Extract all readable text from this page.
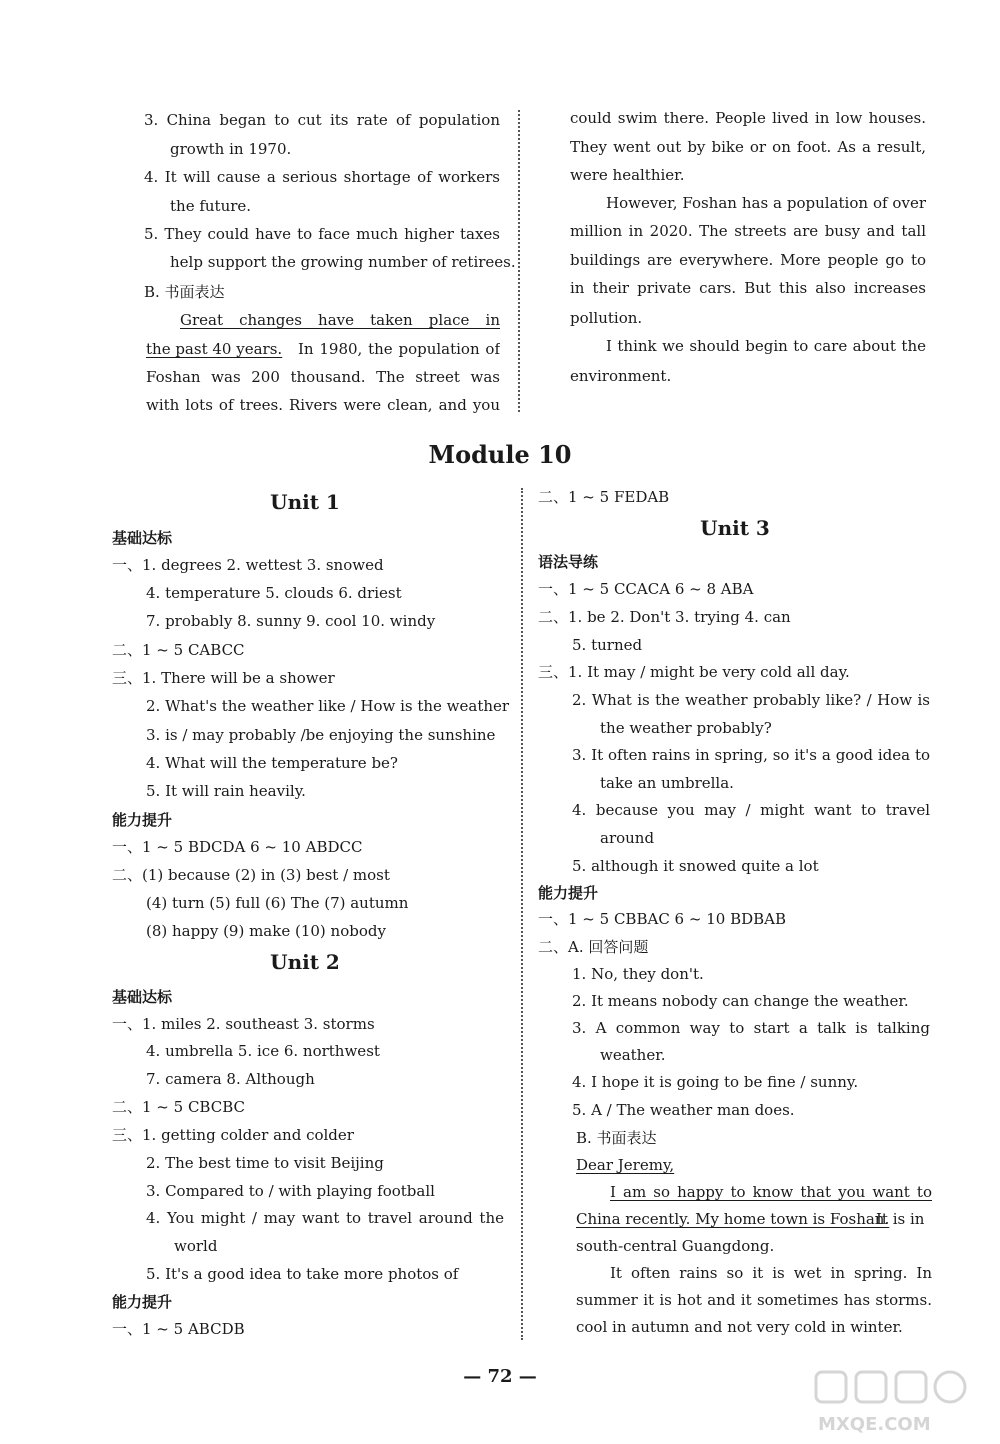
3. China began to cut its rate of population
growth in 1970.
4. It will cause a serious shortage of workers
the future.
5. They could have to face much higher taxes
help support the growing number of retirees.
B. 书面表达
Great changes have taken place in
the past 40 years. In 1980, the population of
Foshan was 200 thousand. The street was
with lots of trees. Rivers were clean, and you
could swim there. People lived in low houses.
They went out by bike or on foot. As a result,
were healthier.
However, Foshan has a population of over
million in 2020. The streets are busy and tall
buildings are everywhere. More people go to
in their private cars. But this also increases
pollution.
I think we should begin to care about the
environment.
Module 10
Unit 1
基础达标
一、1. degrees 2. wettest 3. snowed
4. temperature 5. clouds 6. driest
7. probably 8. sunny 9. cool 10. windy
二、1 ~ 5 CABCC
三、1. There will be a shower
2. What's the weather like / How is the weather
3. is / may probably /be enjoying the sunshine
4. What will the temperature be?
5. It will rain heavily.
能力提升
一、1 ~ 5 BDCDA 6 ~ 10 ABDCC
二、(1) because (2) in (3) best / most
(4) turn (5) full (6) The (7) autumn
(8) happy (9) make (10) nobody
Unit 2
基础达标
一、1. miles 2. southeast 3. storms
4. umbrella 5. ice 6. northwest
7. camera 8. Although
二、1 ~ 5 CBCBC
三、1. getting colder and colder
2. The best time to visit Beijing
3. Compared to / with playing football
4. You might / may want to travel around the
world
5. It's a good idea to take more photos of
能力提升
一、1 ~ 5 ABCDB
二、1 ~ 5 FEDAB
Unit 3
语法导练
一、1 ~ 5 CCACA 6 ~ 8 ABA
二、1. be 2. Don't 3. trying 4. can
5. turned
三、1. It may / might be very cold all day.
2. What is the weather probably like? / How is
the weather probably?
3. It often rains in spring, so it's a good idea to
take an umbrella.
4. because you may / might want to travel
around
5. although it snowed quite a lot
能力提升
一、1 ~ 5 CBBAC 6 ~ 10 BDBAB
二、A. 回答问题
1. No, they don't.
2. It means nobody can change the weather.
3. A common way to start a talk is talking
weather.
4. I hope it is going to be fine / sunny.
5. A / The weather man does.
B. 书面表达
Dear Jeremy,
I am so happy to know that you want to
China recently. My home town is Foshan.
It is in
south-central Guangdong.
It often rains so it is wet in spring. In
summer it is hot and it sometimes has storms.
cool in autumn and not very cold in winter.
— 72 —
MXQE.COM
